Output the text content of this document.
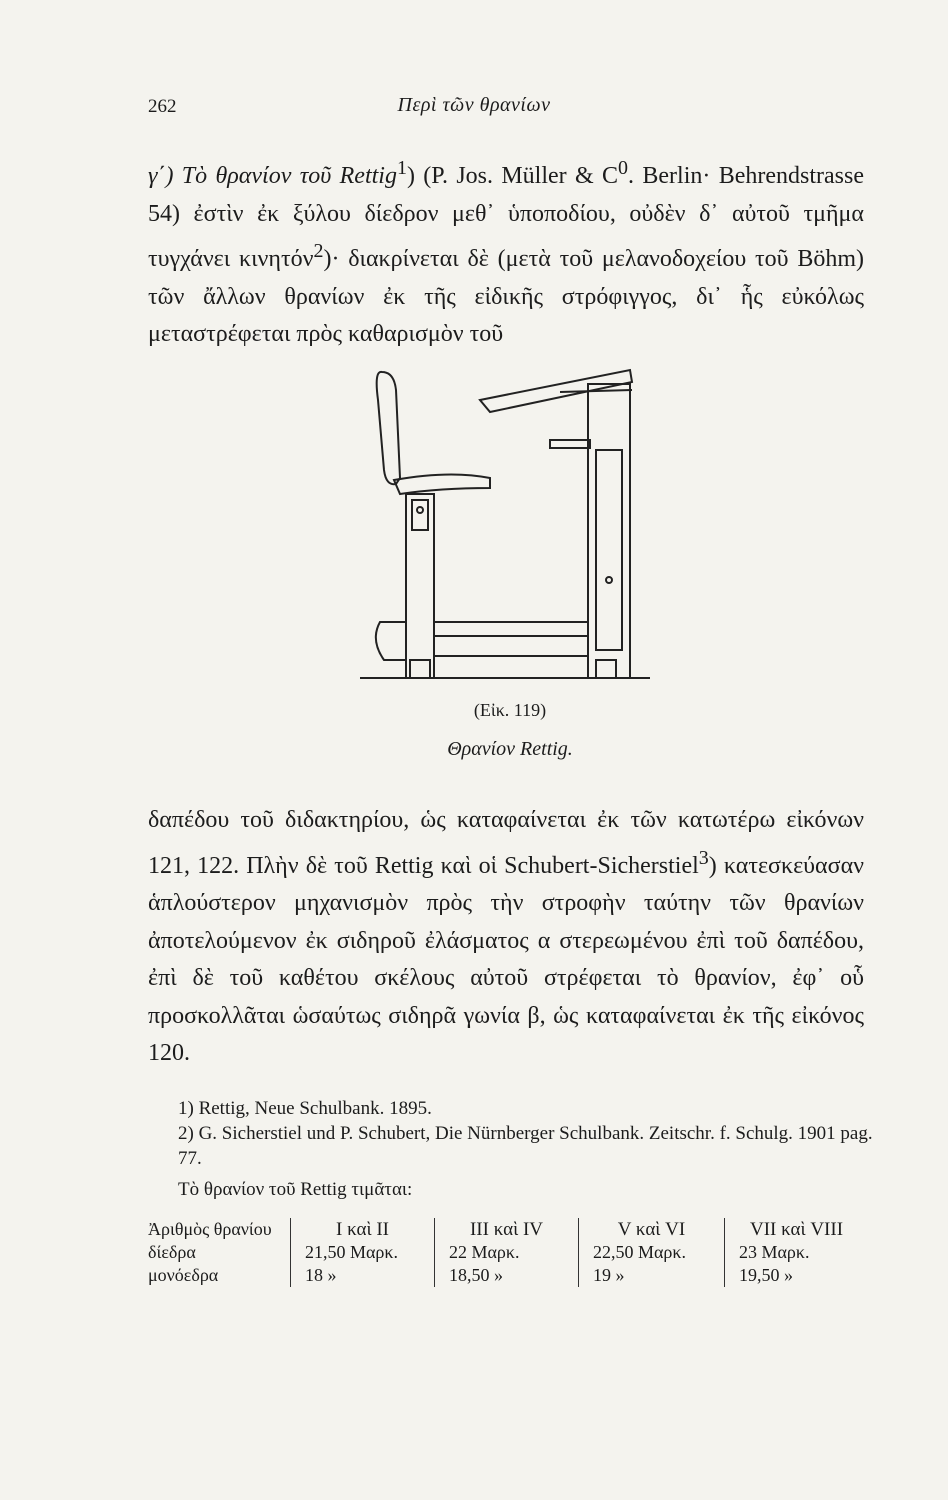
262	Περὶ τῶν θρανίων

γ΄) Τὸ θρανίον τοῦ Rettig$^1$) (P. Jos. Müller & $C^0$. Berlin· Behrendstrasse 54) ἐστὶν ἐκ ξύλου δίεδρον μεθ᾿ ὑποποδίου, οὐδὲν δ᾿ αὐτοῦ τμῆμα τυγχάνει κινητόν$^2$)· διακρίνεται δὲ (μετὰ τοῦ μελανοδοχείου τοῦ Böhm) τῶν ἄλλων θρανίων ἐκ τῆς εἰδικῆς στρόφιγγος, δι᾿ ἧς εὐκόλως μεταστρέφεται πρὸς καθαρισμὸν τοῦ

(Εἰκ. 119)
Θρανίον Rettig.

δαπέδου τοῦ διδακτηρίου, ὡς καταφαίνεται ἐκ τῶν κατωτέρω εἰκόνων 121, 122. Πλὴν δὲ τοῦ Rettig καὶ οἱ Schubert-Sicherstiel$^3$) κατεσκεύασαν ἁπλούστερον μηχανισμὸν πρὸς τὴν στροφὴν ταύτην τῶν θρανίων ἀποτελούμενον ἐκ σιδηροῦ ἐλάσματος α στερεωμένου ἐπὶ τοῦ δαπέδου, ἐπὶ δὲ τοῦ καθέτου σκέλους αὐτοῦ στρέφεται τὸ θρανίον, ἐφ᾿ οὗ προσκολλᾶται ὡσαύτως σιδηρᾶ γωνία β, ὡς καταφαίνεται ἐκ τῆς εἰκόνος 120.

1) Rettig, Neue Schulbank. 1895.

2) G. Sicherstiel und P. Schubert, Die Nürnberger Schulbank. Zeitschr. f. Schulg. 1901 pag. 77.

Τὸ θρανίον τοῦ Rettig τιμᾶται:
Ἀριθμὸς θρανίου	I καὶ II	III καὶ IV	V καὶ VI	VII καὶ VIII
δίεδρα	21,50 Μαρκ.	22 Μαρκ.	22,50 Μαρκ.	23 Μαρκ.
μονόεδρα	18 »	18,50 »	19 »	19,50 »
